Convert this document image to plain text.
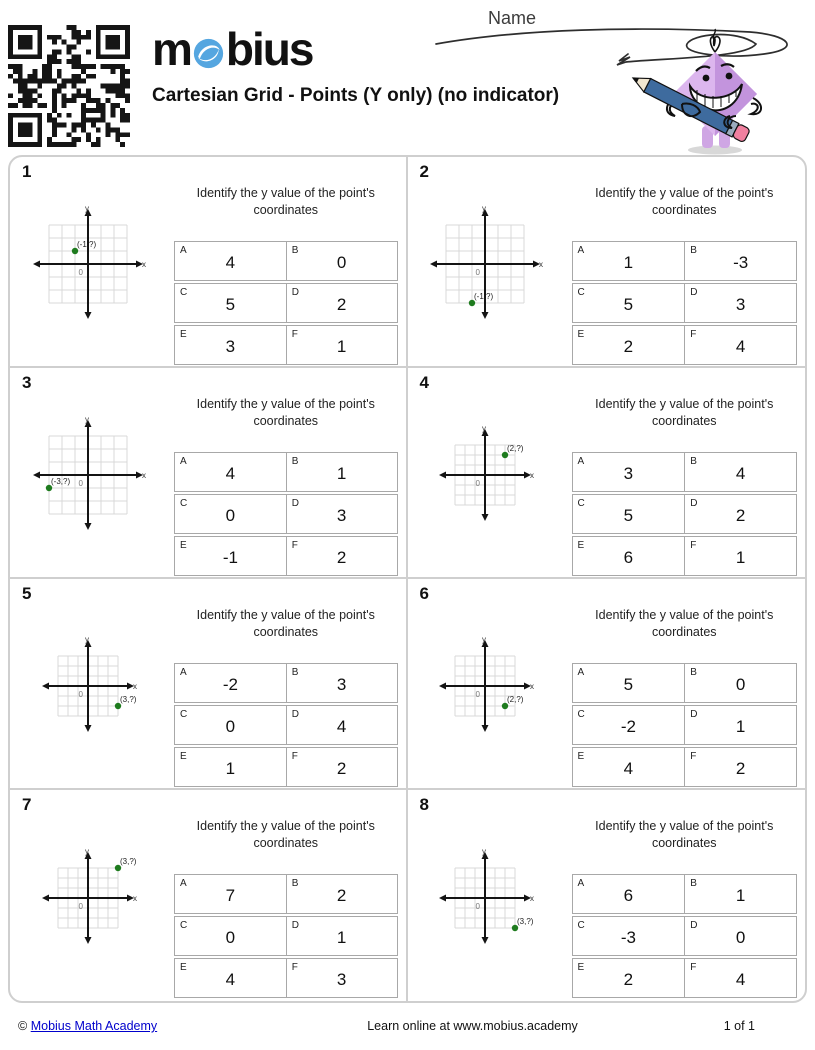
m bius
Cartesian Grid - Points (Y only) (no indicator)
Name
1
x
y
0
(-1,?)
Identify the y value of the point's coordinates
A
4
B
0
C
5
D
2
E
3
F
1
2
x
y
0
(-1,?)
Identify the y value of the point's coordinates
A
1
B
-3
C
5
D
3
E
2
F
4
3
x
y
0
(-3,?)
Identify the y value of the point's coordinates
A
4
B
1
C
0
D
3
E
-1
F
2
4
x
y
0
(2,?)
Identify the y value of the point's coordinates
A
3
B
4
C
5
D
2
E
6
F
1
5
x
y
0
(3,?)
Identify the y value of the point's coordinates
A
-2
B
3
C
0
D
4
E
1
F
2
6
x
y
0
(2,?)
Identify the y value of the point's coordinates
A
5
B
0
C
-2
D
1
E
4
F
2
7
x
y
0
(3,?)
Identify the y value of the point's coordinates
A
7
B
2
C
0
D
1
E
4
F
3
8
x
y
0
(3,?)
Identify the y value of the point's coordinates
A
6
B
1
C
-3
D
0
E
2
F
4
© Mobius Math Academy	Learn online at www.mobius.academy	1 of 1
